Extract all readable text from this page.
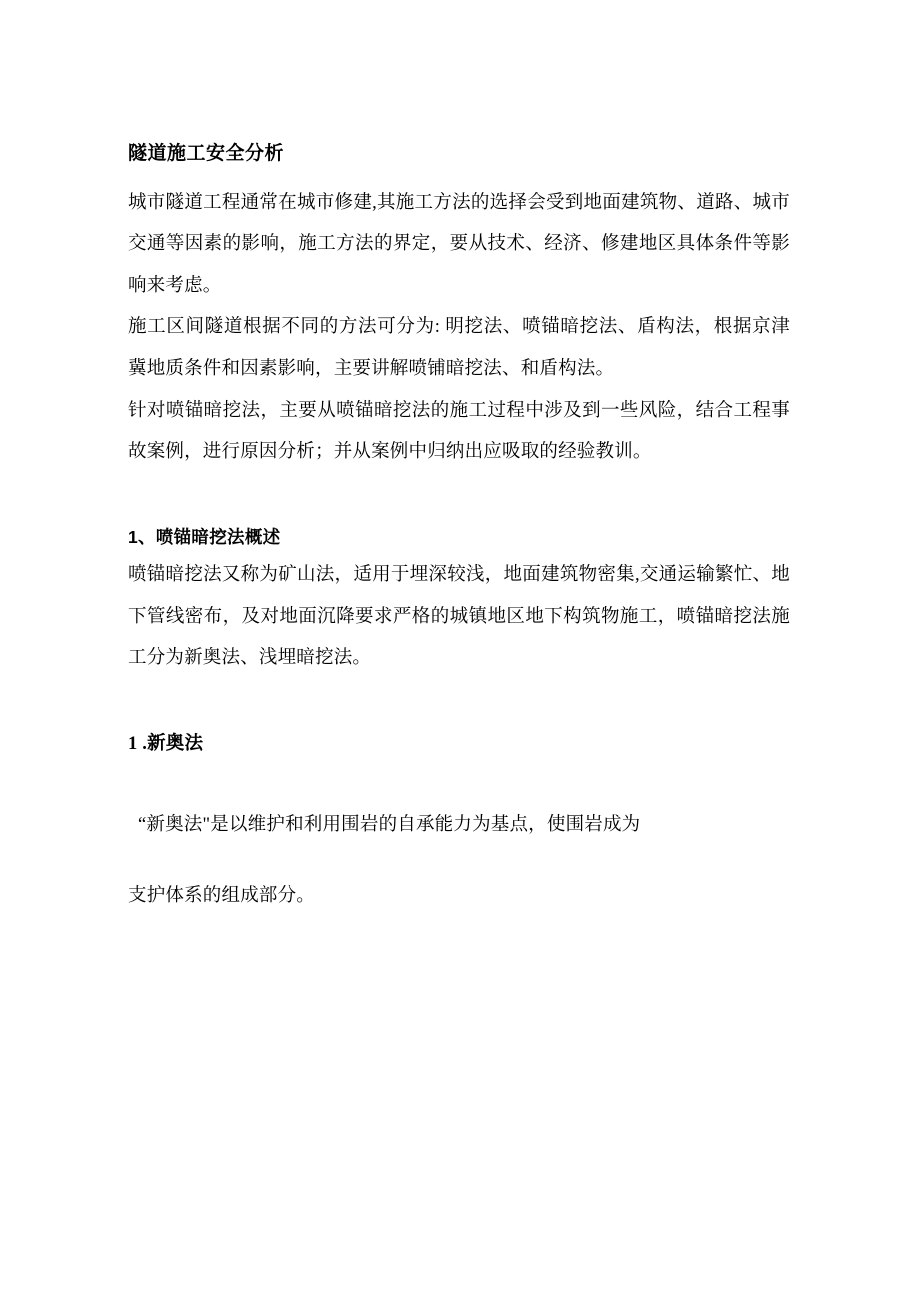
隧道施工安全分析

城市隧道工程通常在城市修建,其施工方法的选择会受到地面建筑物、道路、城市交通等因素的影响，施工方法的界定，要从技术、经济、修建地区具体条件等影响来考虑。

施工区间隧道根据不同的方法可分为: 明挖法、喷锚暗挖法、盾构法，根据京津冀地质条件和因素影响，主要讲解喷铺暗挖法、和盾构法。

针对喷锚暗挖法，主要从喷锚暗挖法的施工过程中涉及到一些风险，结合工程事故案例，进行原因分析；并从案例中归纳出应吸取的经验教训。

1、喷锚暗挖法概述

喷锚暗挖法又称为矿山法，适用于埋深较浅，地面建筑物密集,交通运输繁忙、地下管线密布，及对地面沉降要求严格的城镇地区地下构筑物施工，喷锚暗挖法施工分为新奥法、浅埋暗挖法。

1 .新奥法

“新奥法"是以维护和利用围岩的自承能力为基点，使围岩成为

支护体系的组成部分。
